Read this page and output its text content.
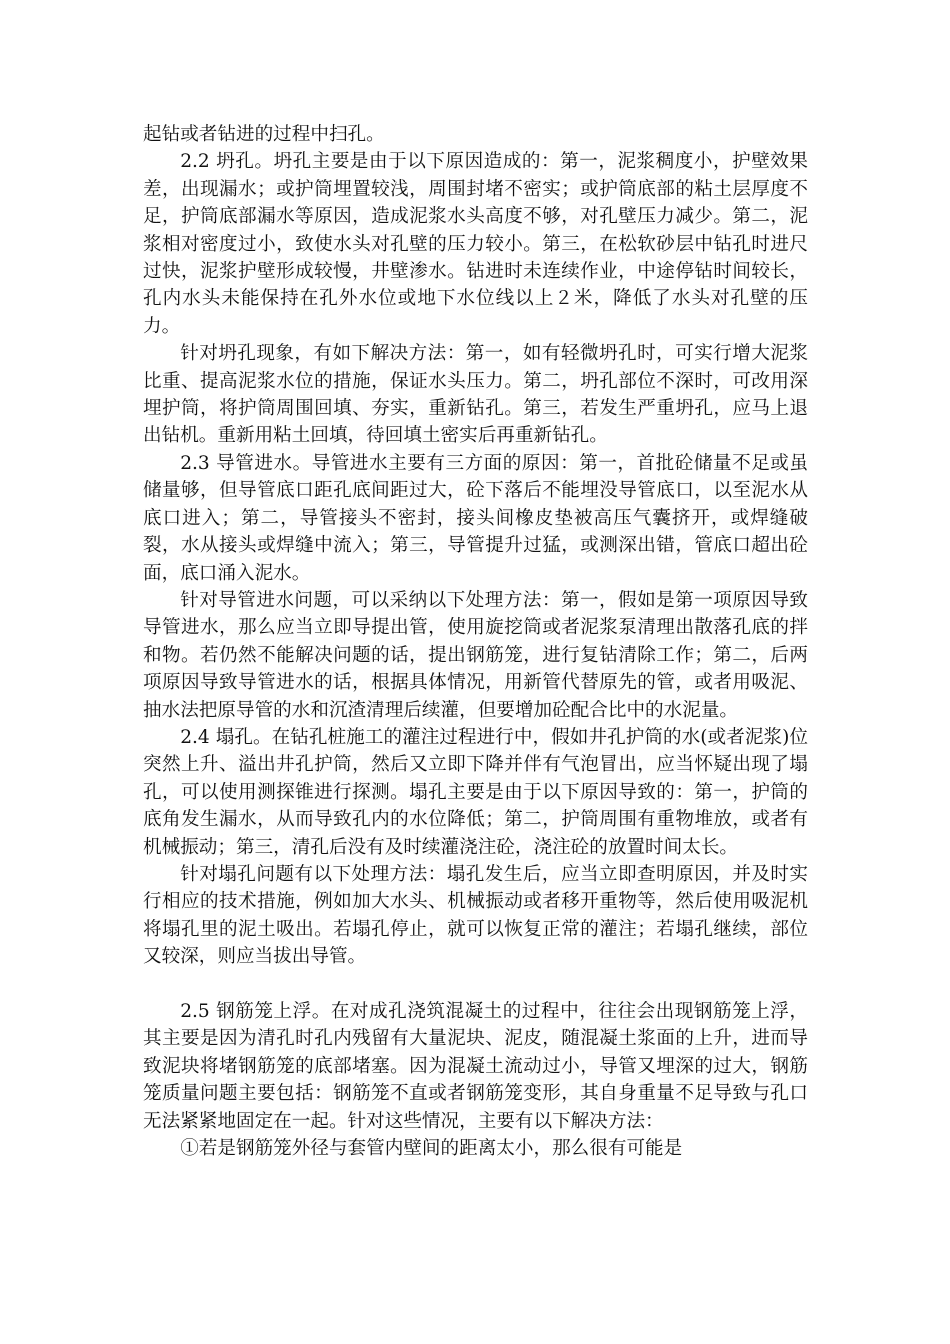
起钻或者钻进的过程中扫孔。

2.2 坍孔。坍孔主要是由于以下原因造成的：第一，泥浆稠度小，护壁效果差，出现漏水；或护筒埋置较浅，周围封堵不密实；或护筒底部的粘土层厚度不足，护筒底部漏水等原因，造成泥浆水头高度不够，对孔壁压力减少。第二，泥浆相对密度过小，致使水头对孔壁的压力较小。第三，在松软砂层中钻孔时进尺过快，泥浆护壁形成较慢，井壁渗水。钻进时未连续作业，中途停钻时间较长，孔内水头未能保持在孔外水位或地下水位线以上２米，降低了水头对孔壁的压力。

针对坍孔现象，有如下解决方法：第一，如有轻微坍孔时，可实行增大泥浆比重、提高泥浆水位的措施，保证水头压力。第二，坍孔部位不深时，可改用深埋护筒，将护筒周围回填、夯实，重新钻孔。第三，若发生严重坍孔，应马上退出钻机。重新用粘土回填，待回填土密实后再重新钻孔。

2.3 导管进水。导管进水主要有三方面的原因：第一，首批砼储量不足或虽储量够，但导管底口距孔底间距过大，砼下落后不能埋没导管底口，以至泥水从底口进入；第二，导管接头不密封，接头间橡皮垫被高压气囊挤开，或焊缝破裂，水从接头或焊缝中流入；第三，导管提升过猛，或测深出错，管底口超出砼面，底口涌入泥水。

针对导管进水问题，可以采纳以下处理方法：第一，假如是第一项原因导致导管进水，那么应当立即导提出管，使用旋挖筒或者泥浆泵清理出散落孔底的拌和物。若仍然不能解决问题的话，提出钢筋笼，进行复钻清除工作；第二，后两项原因导致导管进水的话，根据具体情况，用新管代替原先的管，或者用吸泥、抽水法把原导管的水和沉渣清理后续灌，但要增加砼配合比中的水泥量。

2.4 塌孔。在钻孔桩施工的灌注过程进行中，假如井孔护筒的水(或者泥浆)位突然上升、溢出井孔护筒，然后又立即下降并伴有气泡冒出，应当怀疑出现了塌孔，可以使用测探锥进行探测。塌孔主要是由于以下原因导致的：第一，护筒的底角发生漏水，从而导致孔内的水位降低；第二，护筒周围有重物堆放，或者有机械振动；第三，清孔后没有及时续灌浇注砼，浇注砼的放置时间太长。

针对塌孔问题有以下处理方法：塌孔发生后，应当立即查明原因，并及时实行相应的技术措施，例如加大水头、机械振动或者移开重物等，然后使用吸泥机将塌孔里的泥土吸出。若塌孔停止，就可以恢复正常的灌注；若塌孔继续，部位又较深，则应当拔出导管。

2.5 钢筋笼上浮。在对成孔浇筑混凝土的过程中，往往会出现钢筋笼上浮，其主要是因为清孔时孔内残留有大量泥块、泥皮，随混凝土浆面的上升，进而导致泥块将堵钢筋笼的底部堵塞。因为混凝土流动过小，导管又埋深的过大，钢筋笼质量问题主要包括：钢筋笼不直或者钢筋笼变形，其自身重量不足导致与孔口无法紧紧地固定在一起。针对这些情况，主要有以下解决方法：

①若是钢筋笼外径与套管内壁间的距离太小，那么很有可能是
